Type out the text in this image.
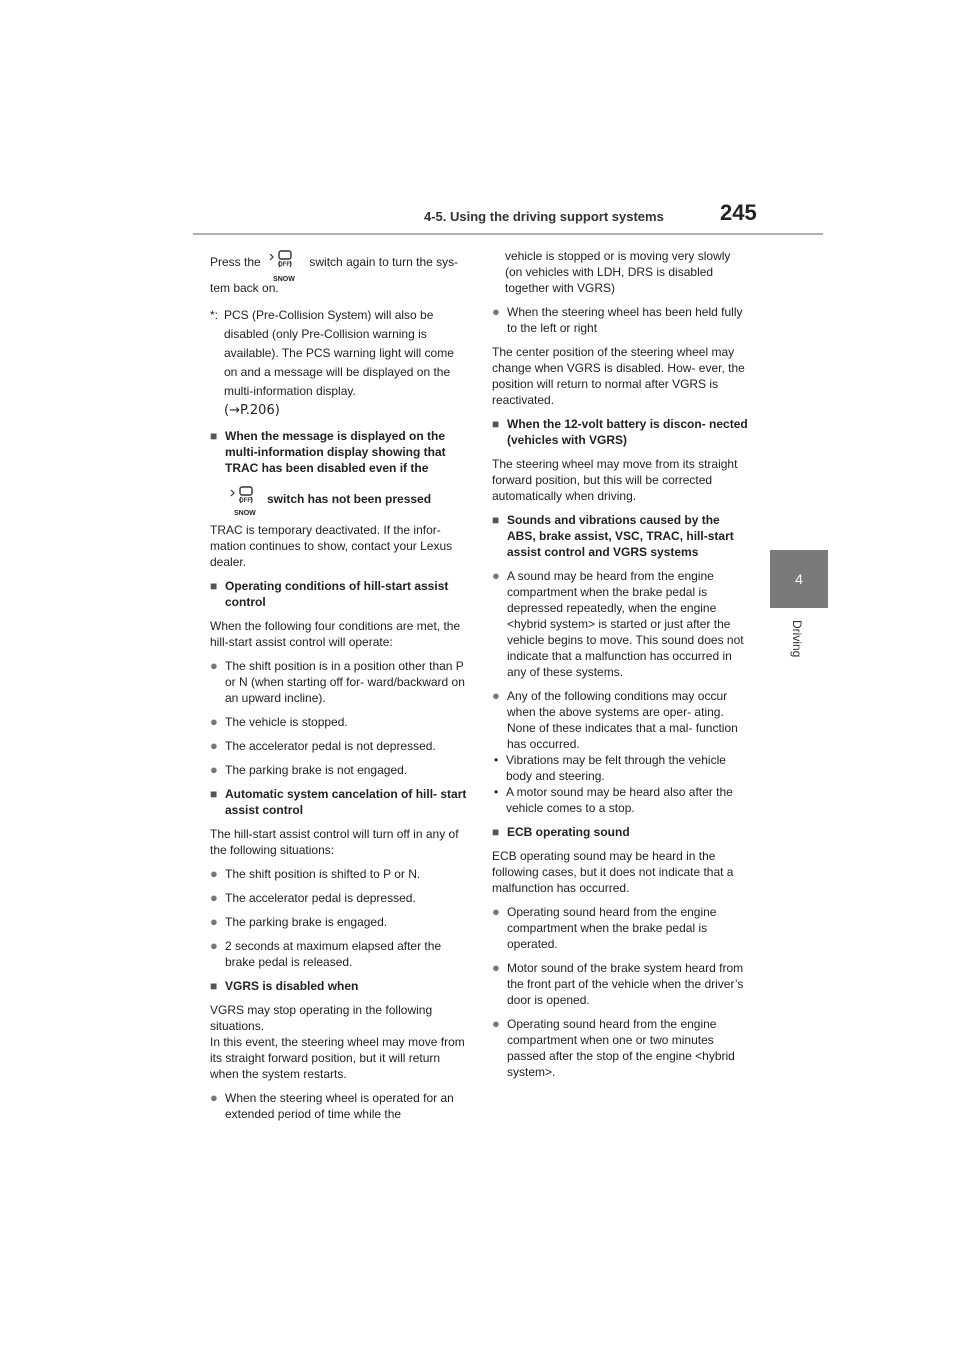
4-5. Using the driving support systems	245
4
Driving
Press the	OFF
SNOW
switch again to turn the sys-
tem back on.
*: PCS (Pre-Collision System) will also be disabled (only Pre-Collision warning is available). The PCS warning light will come on and a message will be displayed on the multi-information display.
(→P.206)
■ When the message is displayed on the multi-information display showing that TRAC has been disabled even if the
OFF
SNOW
switch has not been pressed
TRAC is temporary deactivated. If the infor- mation continues to show, contact your Lexus dealer.
■ Operating conditions of hill-start assist control
When the following four conditions are met, the hill-start assist control will operate:
● The shift position is in a position other than P or N (when starting off for- ward/backward on an upward incline).
● The vehicle is stopped.
● The accelerator pedal is not depressed.
● The parking brake is not engaged.
■ Automatic system cancelation of hill- start assist control
The hill-start assist control will turn off in any of the following situations:
● The shift position is shifted to P or N.
● The accelerator pedal is depressed.
● The parking brake is engaged.
● 2 seconds at maximum elapsed after the brake pedal is released.
■ VGRS is disabled when
VGRS may stop operating in the following situations.
In this event, the steering wheel may move from its straight forward position, but it will return when the system restarts.
● When the steering wheel is operated for an extended period of time while the
vehicle is stopped or is moving very slowly
(on vehicles with LDH, DRS is disabled together with VGRS)
● When the steering wheel has been held fully to the left or right
The center position of the steering wheel may change when VGRS is disabled. How- ever, the position will return to normal after VGRS is reactivated.
■ When the 12-volt battery is discon- nected (vehicles with VGRS)
The steering wheel may move from its straight forward position, but this will be corrected automatically when driving.
■ Sounds and vibrations caused by the ABS, brake assist, VSC, TRAC, hill-start assist control and VGRS systems
● A sound may be heard from the engine compartment when the brake pedal is depressed repeatedly, when the engine <hybrid system> is started or just after the vehicle begins to move. This sound does not indicate that a malfunction has occurred in any of these systems.
● Any of the following conditions may occur when the above systems are oper- ating. None of these indicates that a mal- function has occurred.
• Vibrations may be felt through the vehicle body and steering.
• A motor sound may be heard also after the vehicle comes to a stop.
■ ECB operating sound
ECB operating sound may be heard in the following cases, but it does not indicate that a malfunction has occurred.
● Operating sound heard from the engine compartment when the brake pedal is operated.
● Motor sound of the brake system heard from the front part of the vehicle when the driver’s door is opened.
● Operating sound heard from the engine compartment when one or two minutes passed after the stop of the engine <hybrid system>.
